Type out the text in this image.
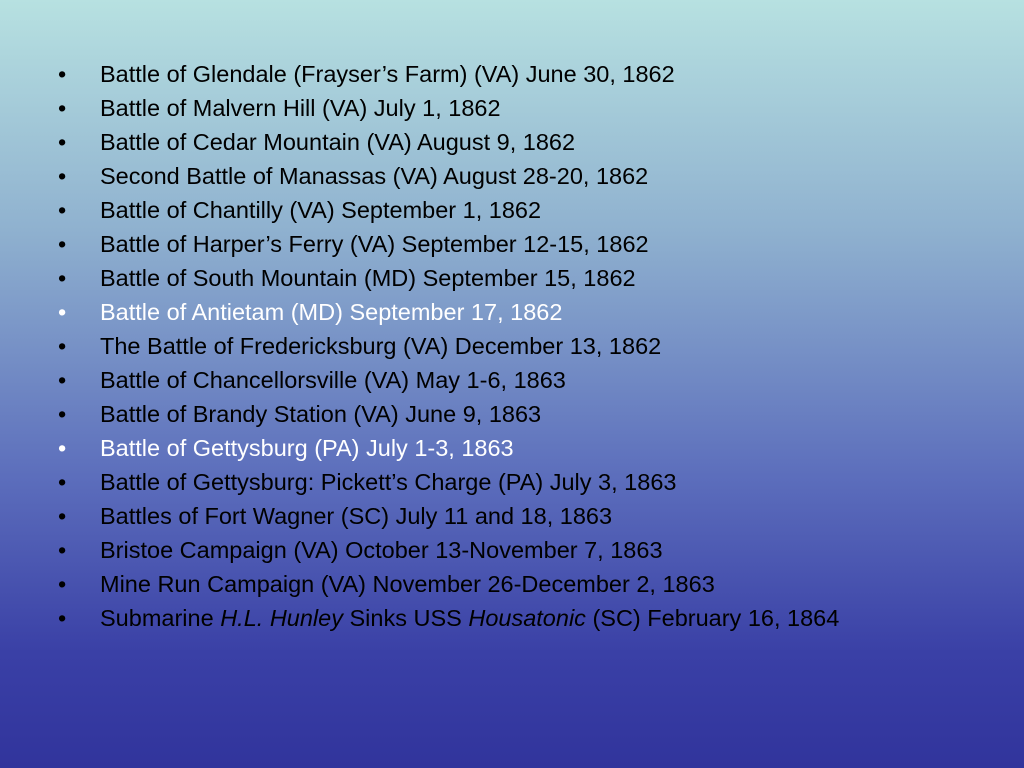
•	Battle of Glendale (Frayser’s Farm) (VA) June 30, 1862
•	Battle of Malvern Hill (VA) July 1, 1862
•	Battle of Cedar Mountain (VA) August 9, 1862
•	Second Battle of Manassas (VA) August 28-20, 1862
•	Battle of Chantilly (VA) September 1, 1862
•	Battle of Harper’s Ferry (VA) September 12-15, 1862
•	Battle of South Mountain (MD) September 15, 1862
•	Battle of Antietam (MD) September 17, 1862
•	The Battle of Fredericksburg (VA) December 13, 1862
•	Battle of Chancellorsville (VA) May 1-6, 1863
•	Battle of Brandy Station (VA) June 9, 1863
•	Battle of Gettysburg (PA) July 1-3, 1863
•	Battle of Gettysburg: Pickett’s Charge (PA) July 3, 1863
•	Battles of Fort Wagner (SC) July 11 and 18, 1863
•	Bristoe Campaign (VA) October 13-November 7, 1863
•	Mine Run Campaign (VA) November 26-December 2, 1863
•	Submarine H.L. Hunley Sinks USS Housatonic (SC) February 16, 1864
